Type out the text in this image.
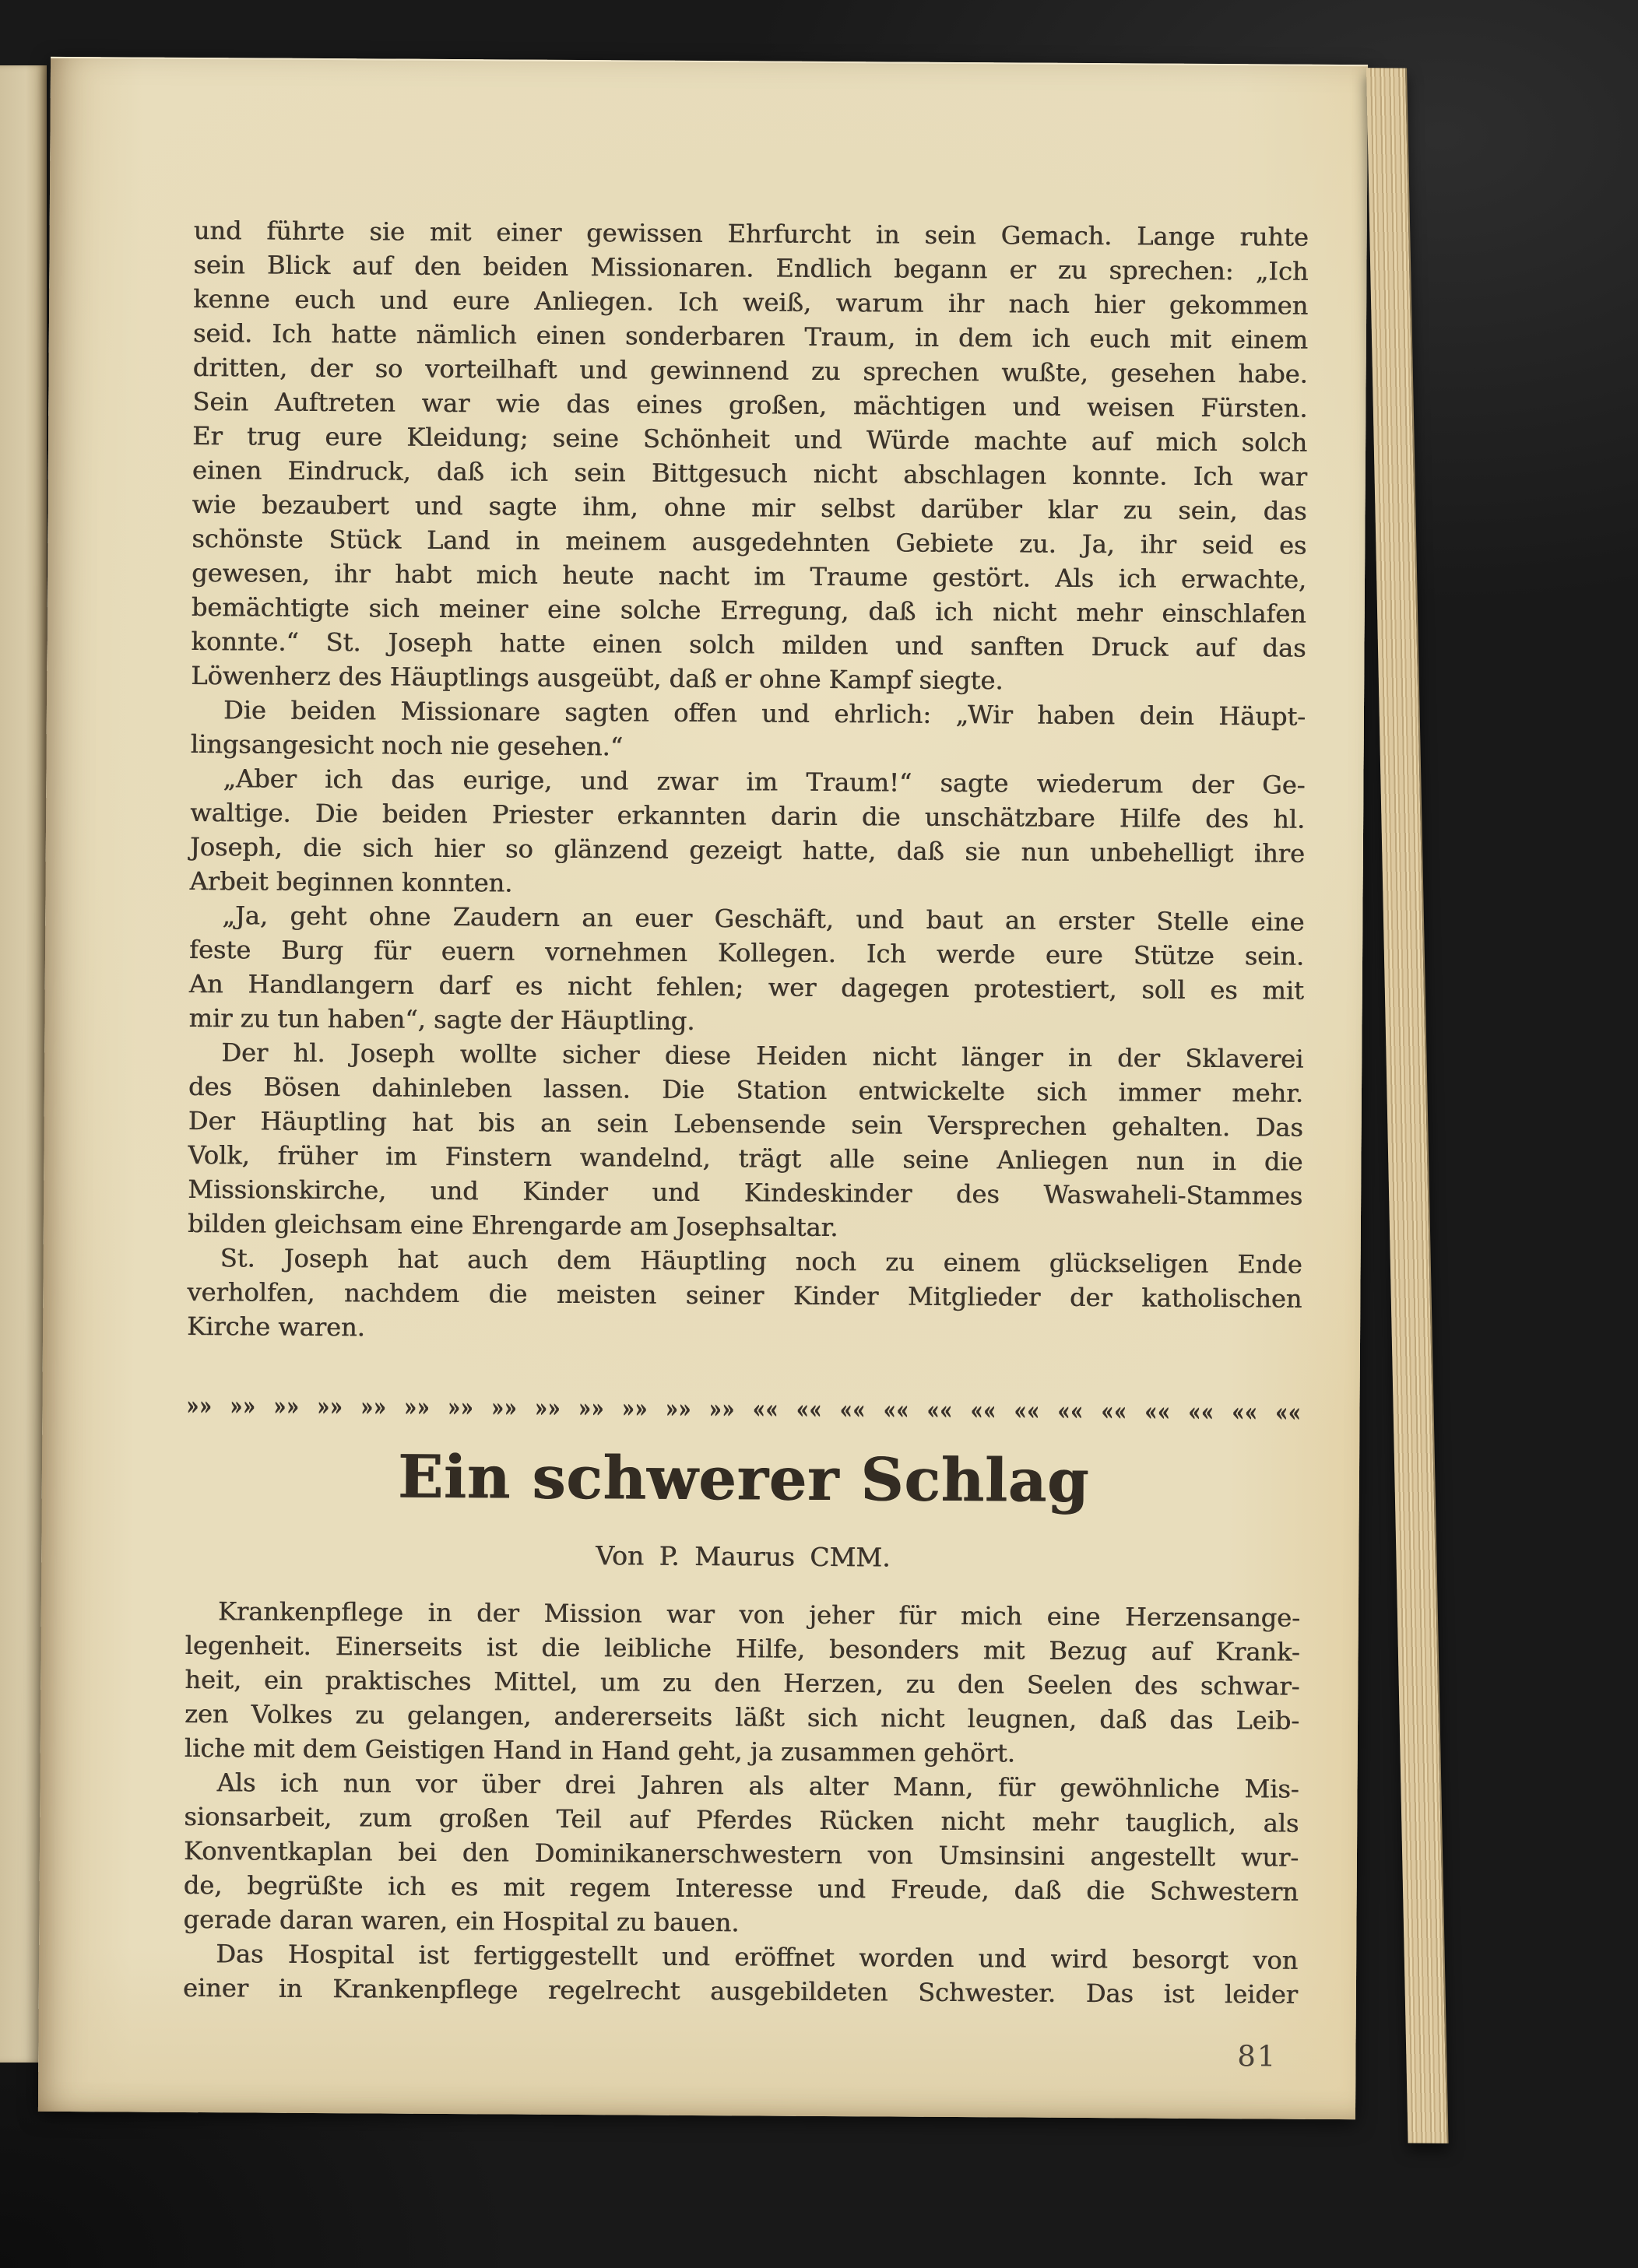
und führte sie mit einer gewissen Ehrfurcht in sein Gemach. Lange ruhte
sein Blick auf den beiden Missionaren. Endlich begann er zu sprechen: „Ich
kenne euch und eure Anliegen. Ich weiß, warum ihr nach hier gekommen
seid. Ich hatte nämlich einen sonderbaren Traum, in dem ich euch mit einem
dritten, der so vorteilhaft und gewinnend zu sprechen wußte, gesehen habe.
Sein Auftreten war wie das eines großen, mächtigen und weisen Fürsten.
Er trug eure Kleidung; seine Schönheit und Würde machte auf mich solch
einen Eindruck, daß ich sein Bittgesuch nicht abschlagen konnte. Ich war
wie bezaubert und sagte ihm, ohne mir selbst darüber klar zu sein, das
schönste Stück Land in meinem ausgedehnten Gebiete zu. Ja, ihr seid es
gewesen, ihr habt mich heute nacht im Traume gestört. Als ich erwachte,
bemächtigte sich meiner eine solche Erregung, daß ich nicht mehr einschlafen
konnte.“ St. Joseph hatte einen solch milden und sanften Druck auf das
Löwenherz des Häuptlings ausgeübt, daß er ohne Kampf siegte.

Die beiden Missionare sagten offen und ehrlich: „Wir haben dein Häupt-
lingsangesicht noch nie gesehen.“

„Aber ich das eurige, und zwar im Traum!“ sagte wiederum der Ge-
waltige. Die beiden Priester erkannten darin die unschätzbare Hilfe des hl.
Joseph, die sich hier so glänzend gezeigt hatte, daß sie nun unbehelligt ihre
Arbeit beginnen konnten.

„Ja, geht ohne Zaudern an euer Geschäft, und baut an erster Stelle eine
feste Burg für euern vornehmen Kollegen. Ich werde eure Stütze sein.
An Handlangern darf es nicht fehlen; wer dagegen protestiert, soll es mit
mir zu tun haben“, sagte der Häuptling.

Der hl. Joseph wollte sicher diese Heiden nicht länger in der Sklaverei
des Bösen dahinleben lassen. Die Station entwickelte sich immer mehr.
Der Häuptling hat bis an sein Lebensende sein Versprechen gehalten. Das
Volk, früher im Finstern wandelnd, trägt alle seine Anliegen nun in die
Missionskirche, und Kinder und Kindeskinder des Waswaheli-Stammes
bilden gleichsam eine Ehrengarde am Josephsaltar.

St. Joseph hat auch dem Häuptling noch zu einem glückseligen Ende
verholfen, nachdem die meisten seiner Kinder Mitglieder der katholischen
Kirche waren.

»» »» »» »» »» »» »» »» »» »» »» »» »» «« «« «« «« «« «« «« «« «« «« «« «« ««
Ein schwerer Schlag
Von P. Maurus CMM.

Krankenpflege in der Mission war von jeher für mich eine Herzensange-
legenheit. Einerseits ist die leibliche Hilfe, besonders mit Bezug auf Krank-
heit, ein praktisches Mittel, um zu den Herzen, zu den Seelen des schwar-
zen Volkes zu gelangen, andererseits läßt sich nicht leugnen, daß das Leib-
liche mit dem Geistigen Hand in Hand geht, ja zusammen gehört.

Als ich nun vor über drei Jahren als alter Mann, für gewöhnliche Mis-
sionsarbeit, zum großen Teil auf Pferdes Rücken nicht mehr tauglich, als
Konventkaplan bei den Dominikanerschwestern von Umsinsini angestellt wur-
de, begrüßte ich es mit regem Interesse und Freude, daß die Schwestern
gerade daran waren, ein Hospital zu bauen.

Das Hospital ist fertiggestellt und eröffnet worden und wird besorgt von
einer in Krankenpflege regelrecht ausgebildeten Schwester. Das ist leider

81
